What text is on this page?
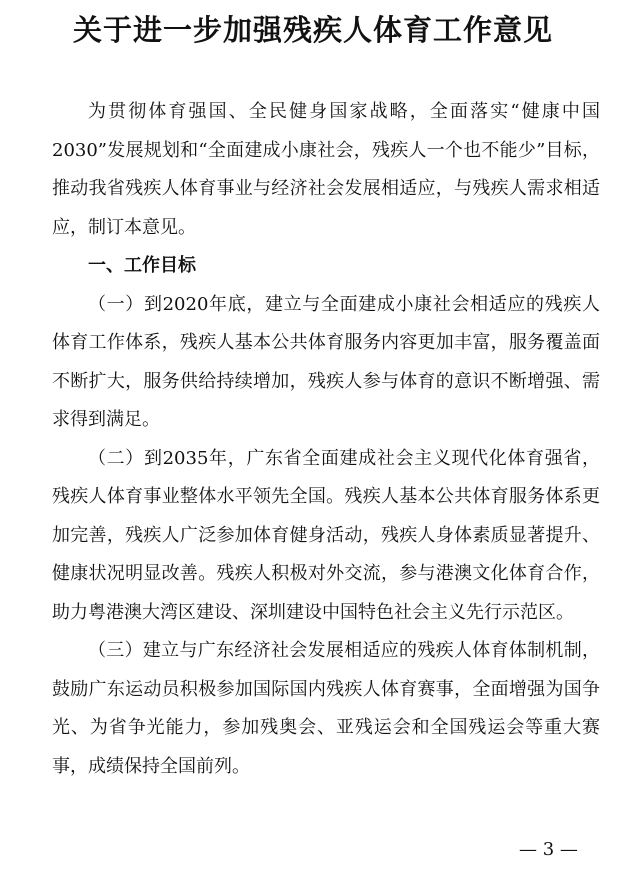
关于进一步加强残疾人体育工作意见

为贯彻体育强国、全民健身国家战略，全面落实“健康中国2030”发展规划和“全面建成小康社会，残疾人一个也不能少”目标，推动我省残疾人体育事业与经济社会发展相适应，与残疾人需求相适应，制订本意见。

一、工作目标

（一）到2020年底，建立与全面建成小康社会相适应的残疾人体育工作体系，残疾人基本公共体育服务内容更加丰富，服务覆盖面不断扩大，服务供给持续增加，残疾人参与体育的意识不断增强、需求得到满足。

（二）到2035年，广东省全面建成社会主义现代化体育强省，残疾人体育事业整体水平领先全国。残疾人基本公共体育服务体系更加完善，残疾人广泛参加体育健身活动，残疾人身体素质显著提升、健康状况明显改善。残疾人积极对外交流，参与港澳文化体育合作，助力粤港澳大湾区建设、深圳建设中国特色社会主义先行示范区。

（三）建立与广东经济社会发展相适应的残疾人体育体制机制，鼓励广东运动员积极参加国际国内残疾人体育赛事，全面增强为国争光、为省争光能力，参加残奥会、亚残运会和全国残运会等重大赛事，成绩保持全国前列。

— 3 —
